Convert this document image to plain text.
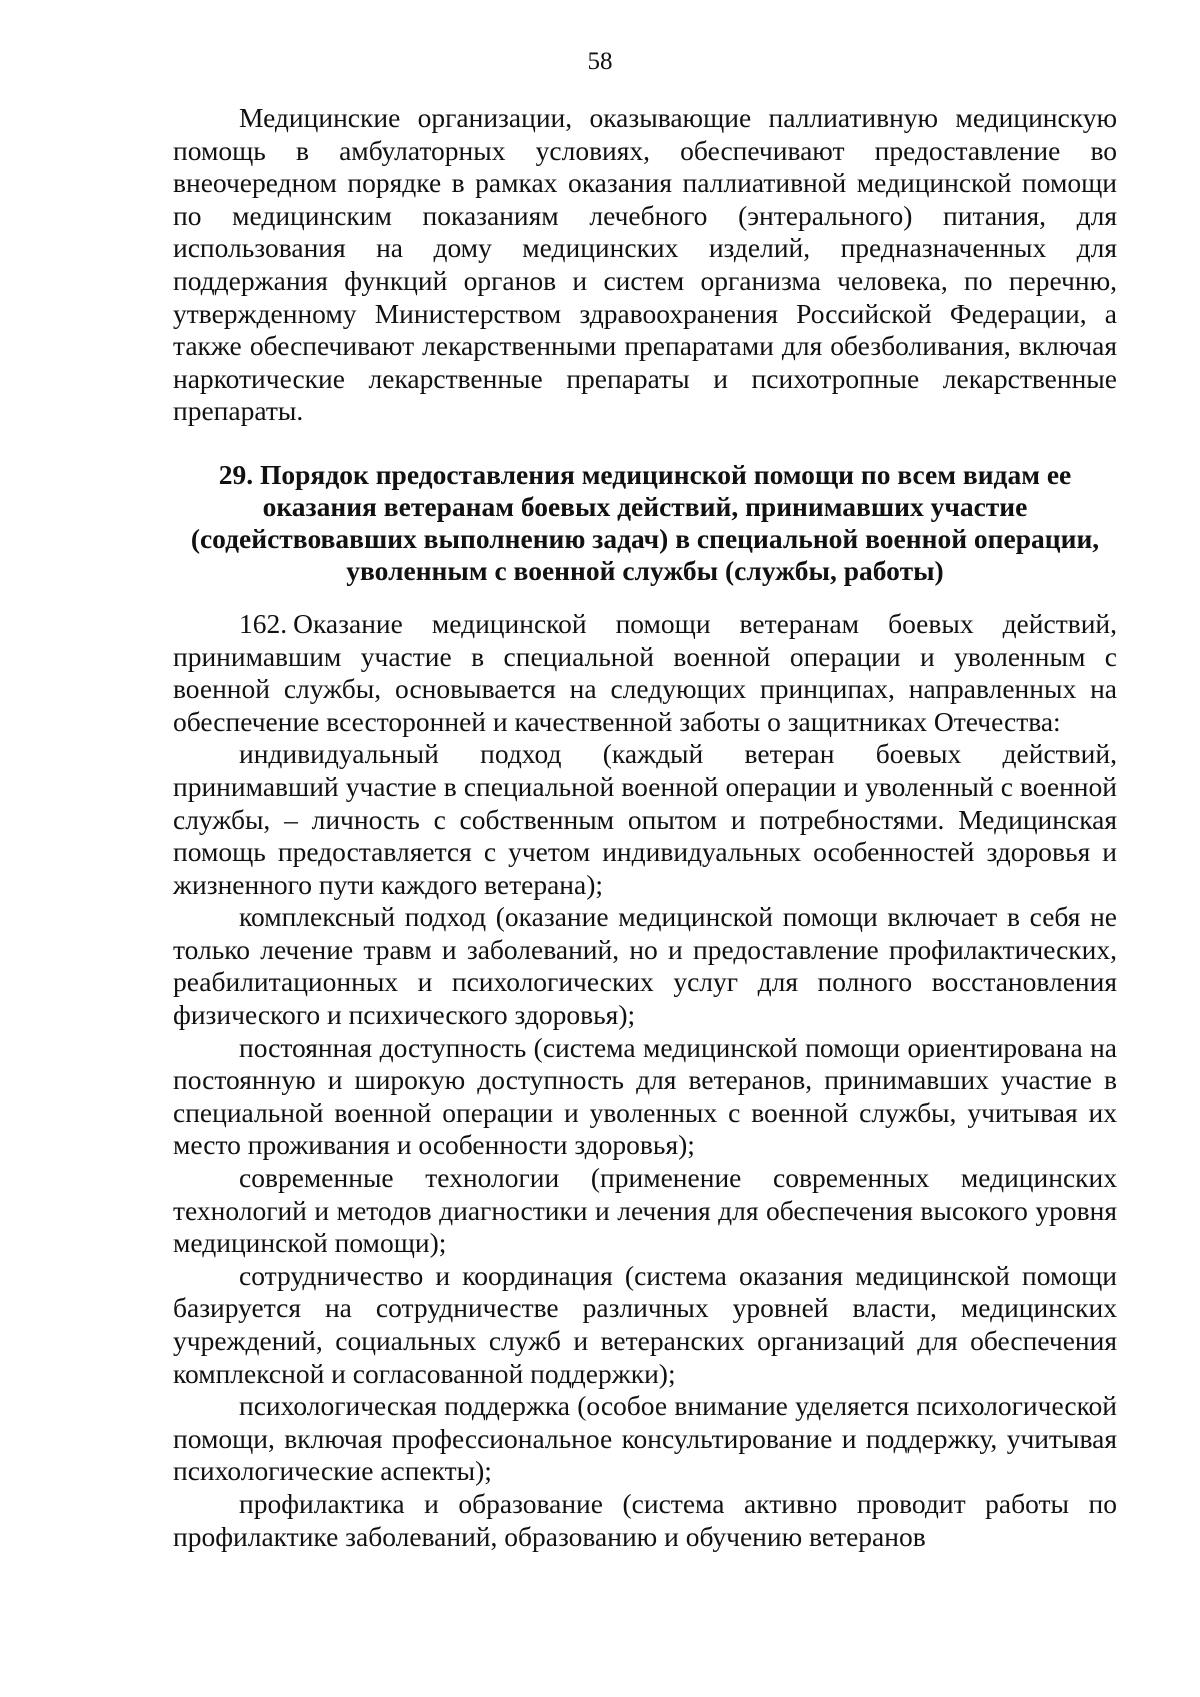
58

Медицинские организации, оказывающие паллиативную медицинскую помощь в амбулаторных условиях, обеспечивают предоставление во внеочередном порядке в рамках оказания паллиативной медицинской помощи по медицинским показаниям лечебного (энтерального) питания, для использования на дому медицинских изделий, предназначенных для поддержания функций органов и систем организма человека, по перечню, утвержденному Министерством здравоохранения Российской Федерации, а также обеспечивают лекарственными препаратами для обезболивания, включая наркотические лекарственные препараты и психотропные лекарственные препараты.

29. Порядок предоставления медицинской помощи по всем видам ее
оказания ветеранам боевых действий, принимавших участие
(содействовавших выполнению задач) в специальной военной операции,
уволенным с военной службы (службы, работы)

162. Оказание медицинской помощи ветеранам боевых действий, принимавшим участие в специальной военной операции и уволенным с военной службы, основывается на следующих принципах, направленных на обеспечение всесторонней и качественной заботы о защитниках Отечества:

индивидуальный подход (каждый ветеран боевых действий, принимавший участие в специальной военной операции и уволенный с военной службы, – личность с собственным опытом и потребностями. Медицинская помощь предоставляется с учетом индивидуальных особенностей здоровья и жизненного пути каждого ветерана);

комплексный подход (оказание медицинской помощи включает в себя не только лечение травм и заболеваний, но и предоставление профилактических, реабилитационных и психологических услуг для полного восстановления физического и психического здоровья);

постоянная доступность (система медицинской помощи ориентирована на постоянную и широкую доступность для ветеранов, принимавших участие в специальной военной операции и уволенных с военной службы, учитывая их место проживания и особенности здоровья);

современные технологии (применение современных медицинских технологий и методов диагностики и лечения для обеспечения высокого уровня медицинской помощи);

сотрудничество и координация (система оказания медицинской помощи базируется на сотрудничестве различных уровней власти, медицинских учреждений, социальных служб и ветеранских организаций для обеспечения комплексной и согласованной поддержки);

психологическая поддержка (особое внимание уделяется психологической помощи, включая профессиональное консультирование и поддержку, учитывая психологические аспекты);

профилактика и образование (система активно проводит работы по профилактике заболеваний, образованию и обучению ветеранов
